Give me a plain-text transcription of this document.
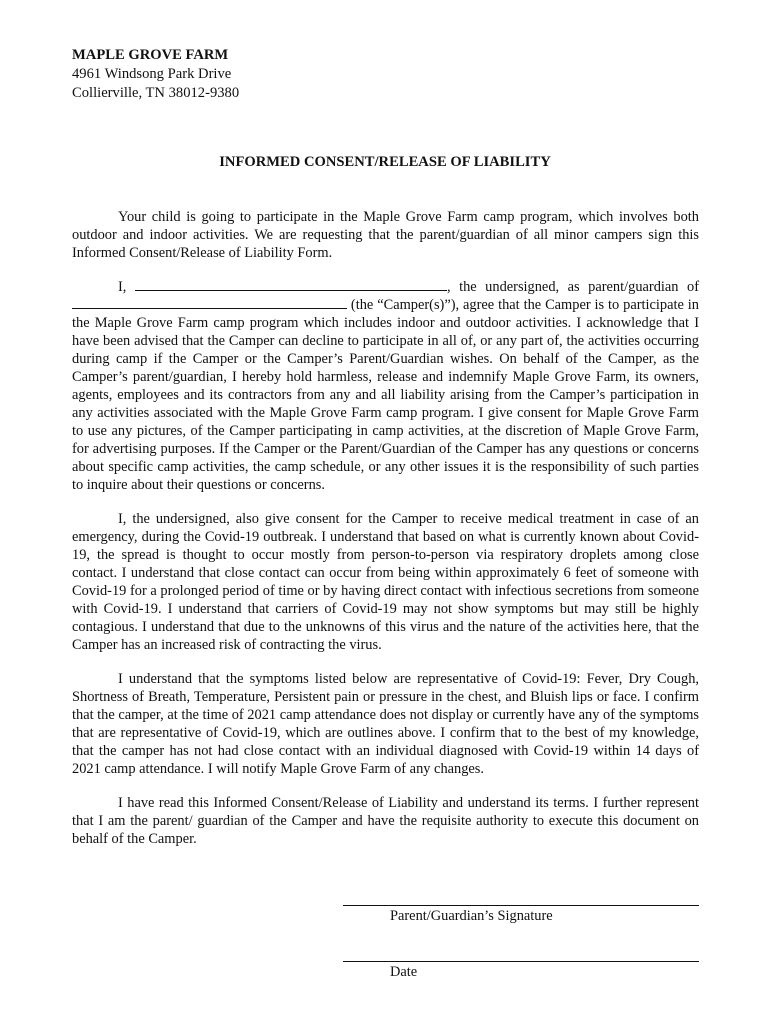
MAPLE GROVE FARM
4961 Windsong Park Drive
Collierville, TN 38012-9380
INFORMED CONSENT/RELEASE OF LIABILITY

Your child is going to participate in the Maple Grove Farm camp program, which involves both outdoor and indoor activities. We are requesting that the parent/guardian of all minor campers sign this Informed Consent/Release of Liability Form.

I,	, the undersigned, as parent/guardian of  (the “Camper(s)”), agree that the Camper is to participate in the Maple Grove Farm camp program which includes indoor and outdoor activities. I acknowledge that I have been advised that the Camper can decline to participate in all of, or any part of, the activities occurring during camp if the Camper or the Camper’s Parent/Guardian wishes. On behalf of the Camper, as the Camper’s parent/guardian, I hereby hold harmless, release and indemnify Maple Grove Farm, its owners, agents, employees and its contractors from any and all liability arising from the Camper’s participation in any activities associated with the Maple Grove Farm camp program. I give consent for Maple Grove Farm to use any pictures, of the Camper participating in camp activities, at the discretion of Maple Grove Farm, for advertising purposes. If the Camper or the Parent/Guardian of the Camper has any questions or concerns about specific camp activities, the camp schedule, or any other issues it is the responsibility of such parties to inquire about their questions or concerns.

I, the undersigned, also give consent for the Camper to receive medical treatment in case of an emergency, during the Covid-19 outbreak. I understand that based on what is currently known about Covid-19, the spread is thought to occur mostly from person-to-person via respiratory droplets among close contact. I understand that close contact can occur from being within approximately 6 feet of someone with Covid-19 for a prolonged period of time or by having direct contact with infectious secretions from someone with Covid-19. I understand that carriers of Covid-19 may not show symptoms but may still be highly contagious. I understand that due to the unknowns of this virus and the nature of the activities here, that the Camper has an increased risk of contracting the virus.

I understand that the symptoms listed below are representative of Covid-19: Fever, Dry Cough, Shortness of Breath, Temperature, Persistent pain or pressure in the chest, and Bluish lips or face. I confirm that the camper, at the time of 2021 camp attendance does not display or currently have any of the symptoms that are representative of Covid-19, which are outlines above. I confirm that to the best of my knowledge, that the camper has not had close contact with an individual diagnosed with Covid-19 within 14 days of 2021 camp attendance. I will notify Maple Grove Farm of any changes.

I have read this Informed Consent/Release of Liability and understand its terms. I further represent that I am the parent/ guardian of the Camper and have the requisite authority to execute this document on behalf of the Camper.

Parent/Guardian’s Signature
Date
